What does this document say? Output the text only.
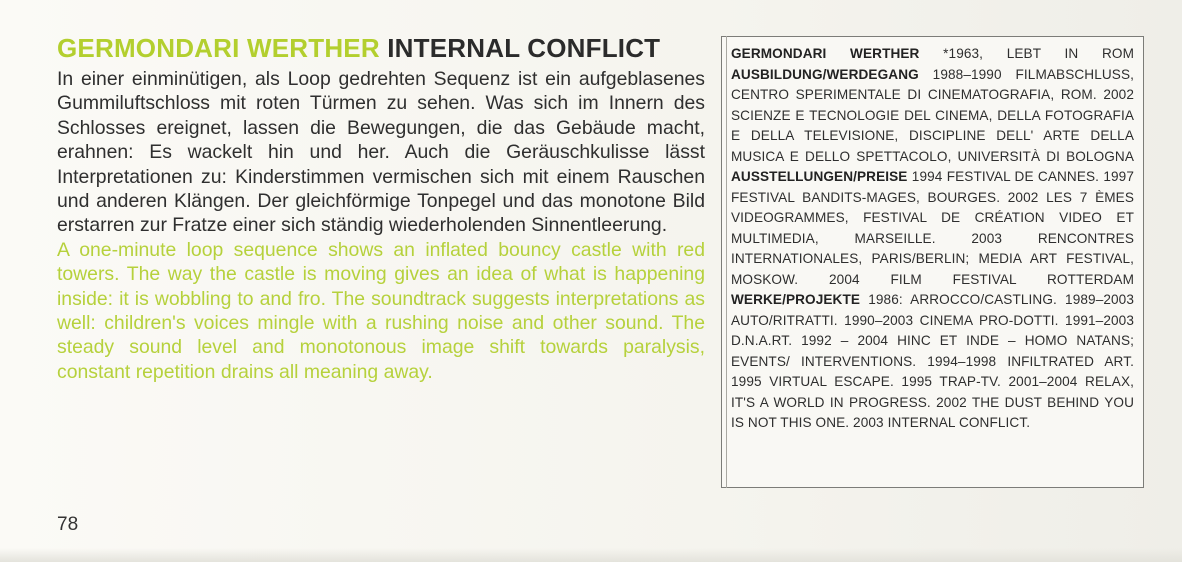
GERMONDARI WERTHER INTERNAL CONFLICT

In einer einminütigen, als Loop gedrehten Sequenz ist ein aufgeblasenes Gummiluftschloss mit roten Türmen zu sehen. Was sich im Innern des Schlosses ereignet, lassen die Bewegungen, die das Gebäude macht, erahnen: Es wackelt hin und her. Auch die Geräuschkulisse lässt Interpretationen zu: Kinderstimmen vermischen sich mit einem Rauschen und anderen Klängen. Der gleichförmige Tonpegel und das monotone Bild erstarren zur Fratze einer sich ständig wiederholenden Sinnentleerung.

A one-minute loop sequence shows an inflated bouncy castle with red towers. The way the castle is moving gives an idea of what is happening inside: it is wobbling to and fro. The soundtrack suggests interpretations as well: children's voices mingle with a rushing noise and other sound. The steady sound level and monotonous image shift towards paralysis, constant repetition drains all meaning away.

78

GERMONDARI WERTHER *1963, LEBT IN ROM AUSBILDUNG/WERDEGANG 1988–1990 FILMABSCHLUSS, CENTRO SPERIMENTALE DI CINEMATOGRAFIA, ROM. 2002 SCIENZE E TECNOLOGIE DEL CINEMA, DELLA FOTOGRAFIA E DELLA TELEVISIONE, DISCIPLINE DELL' ARTE DELLA MUSICA E DELLO SPETTACOLO, UNIVERSITÀ DI BOLOGNA AUSSTELLUNGEN/PREISE 1994 FESTIVAL DE CANNES. 1997 FESTIVAL BANDITS-MAGES, BOURGES. 2002 LES 7 ÈMES VIDEOGRAMMES, FESTIVAL DE CRÉATION VIDEO ET MULTIMEDIA, MARSEILLE. 2003 RENCONTRES INTERNATIONALES, PARIS/BERLIN; MEDIA ART FESTIVAL, MOSKOW. 2004 FILM FESTIVAL ROTTERDAM WERKE/PROJEKTE 1986: ARROCCO/CASTLING. 1989–2003 AUTO/RITRATTI. 1990–2003 CINEMA PRO-DOTTI. 1991–2003 D.N.A.RT. 1992 – 2004 HINC ET INDE – HOMO NATANS; EVENTS/ INTERVENTIONS. 1994–1998 INFILTRATED ART. 1995 VIRTUAL ESCAPE. 1995 TRAP-TV. 2001–2004 RELAX, IT'S A WORLD IN PROGRESS. 2002 THE DUST BEHIND YOU IS NOT THIS ONE. 2003 INTERNAL CONFLICT.
